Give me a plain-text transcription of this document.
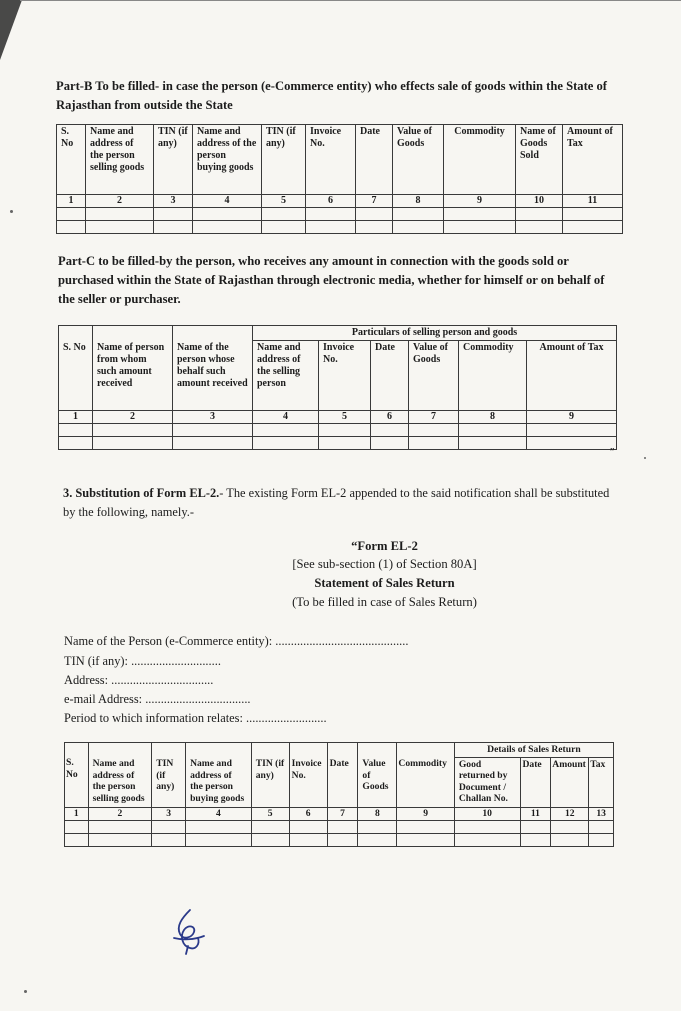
Part-B To be filled- in case the person (e-Commerce entity) who effects sale of goods within the State of Rajasthan from outside the State
S. No	Name and address of the person selling goods	TIN (if any)	Name and address of the person buying goods	TIN (if any)	Invoice No.	Date	Value of Goods	Commodity	Name of Goods Sold	Amount of Tax
1	2	3	4	5	6	7	8	9	10	11

Part-C to be filled-by the person, who receives any amount in connection with the goods sold or purchased within the State of Rajasthan through electronic media, whether for himself or on behalf of the seller or purchaser.
			Particulars of selling person and goods					
S. No	Name of person from whom such amount received	Name of the person whose behalf such amount received	Name and address of the selling person	Invoice No.	Date	Value of Goods	Commodity	Amount of Tax
1	2	3	4	5	6	7	8	9

”
3. Substitution of Form EL-2.- The existing Form EL-2 appended to the said notification shall be substituted by the following, namely.-
“Form EL-2
[See sub-section (1) of Section 80A]
Statement of Sales Return
(To be filled in case of Sales Return)
Name of the Person (e-Commerce entity): ...........................................
TIN (if any): .............................
Address: .................................
e-mail Address: ..................................
Period to which information relates: ..........................
									Details of Sales Return			
S. No	Name and address of the person selling goods	TIN (if any)	Name and address of the person buying goods	TIN (if any)	Invoice No.	Date	Value of Goods	Commodity	Good returned by Document / Challan No.	Date	Amount	Tax
1	2	3	4	5	6	7	8	9	10	11	12	13
